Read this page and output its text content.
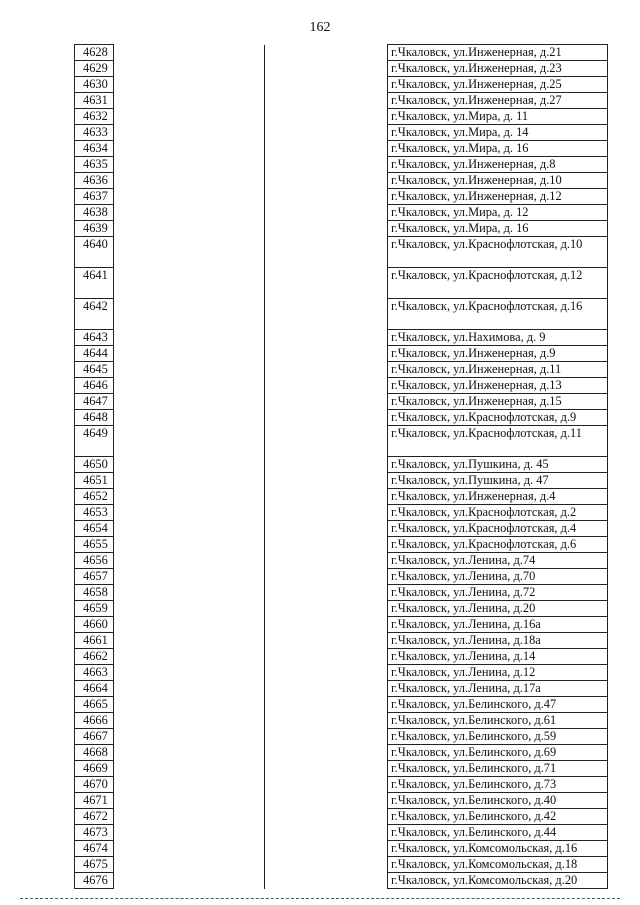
162
4628			г.Чкаловск, ул.Инженерная, д.21
4629			г.Чкаловск, ул.Инженерная, д.23
4630			г.Чкаловск, ул.Инженерная, д.25
4631			г.Чкаловск, ул.Инженерная, д.27
4632			г.Чкаловск, ул.Мира, д. 11
4633			г.Чкаловск, ул.Мира, д. 14
4634			г.Чкаловск, ул.Мира, д. 16
4635			г.Чкаловск, ул.Инженерная, д.8
4636			г.Чкаловск, ул.Инженерная, д.10
4637			г.Чкаловск, ул.Инженерная, д.12
4638			г.Чкаловск, ул.Мира, д. 12
4639			г.Чкаловск, ул.Мира, д. 16
4640			г.Чкаловск, ул.Краснофлотская, д.10
4641			г.Чкаловск, ул.Краснофлотская, д.12
4642			г.Чкаловск, ул.Краснофлотская, д.16
4643			г.Чкаловск, ул.Нахимова, д. 9
4644			г.Чкаловск, ул.Инженерная, д.9
4645			г.Чкаловск, ул.Инженерная, д.11
4646			г.Чкаловск, ул.Инженерная, д.13
4647			г.Чкаловск, ул.Инженерная, д.15
4648			г.Чкаловск, ул.Краснофлотская, д.9
4649			г.Чкаловск, ул.Краснофлотская, д.11
4650			г.Чкаловск, ул.Пушкина, д. 45
4651			г.Чкаловск, ул.Пушкина, д. 47
4652			г.Чкаловск, ул.Инженерная, д.4
4653			г.Чкаловск, ул.Краснофлотская, д.2
4654			г.Чкаловск, ул.Краснофлотская, д.4
4655			г.Чкаловск, ул.Краснофлотская, д.6
4656			г.Чкаловск, ул.Ленина, д.74
4657			г.Чкаловск, ул.Ленина, д.70
4658			г.Чкаловск, ул.Ленина, д.72
4659			г.Чкаловск, ул.Ленина, д.20
4660			г.Чкаловск, ул.Ленина, д.16а
4661			г.Чкаловск, ул.Ленина, д.18а
4662			г.Чкаловск, ул.Ленина, д.14
4663			г.Чкаловск, ул.Ленина, д.12
4664			г.Чкаловск, ул.Ленина, д.17а
4665			г.Чкаловск, ул.Белинского, д.47
4666			г.Чкаловск, ул.Белинского, д.61
4667			г.Чкаловск, ул.Белинского, д.59
4668			г.Чкаловск, ул.Белинского, д.69
4669			г.Чкаловск, ул.Белинского, д.71
4670			г.Чкаловск, ул.Белинского, д.73
4671			г.Чкаловск, ул.Белинского, д.40
4672			г.Чкаловск, ул.Белинского, д.42
4673			г.Чкаловск, ул.Белинского, д.44
4674			г.Чкаловск, ул.Комсомольская, д.16
4675			г.Чкаловск, ул.Комсомольская, д.18
4676			г.Чкаловск, ул.Комсомольская, д.20
